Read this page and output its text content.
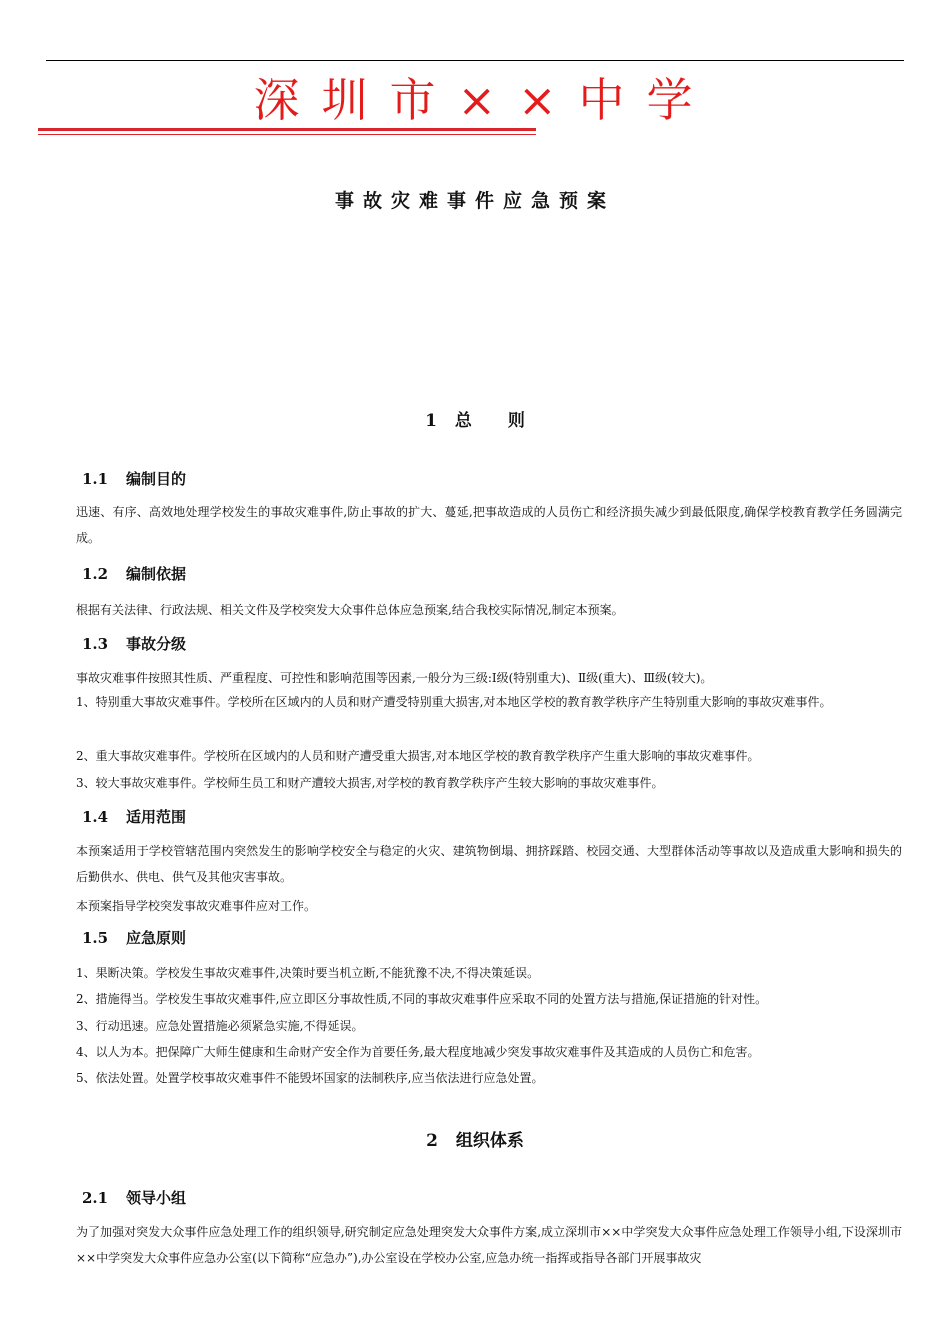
深圳市××中学
事故灾难事件应急预案
1 总则
1.1 编制目的
迅速、有序、高效地处理学校发生的事故灾难事件,防止事故的扩大、蔓延,把事故造成的人员伤亡和经济损失减少到最低限度,确保学校教育教学任务圆满完成。
1.2 编制依据
根据有关法律、行政法规、相关文件及学校突发大众事件总体应急预案,结合我校实际情况,制定本预案。
1.3 事故分级
事故灾难事件按照其性质、严重程度、可控性和影响范围等因素,一般分为三级:Ⅰ级(特别重大)、Ⅱ级(重大)、Ⅲ级(较大)。
1、特别重大事故灾难事件。学校所在区域内的人员和财产遭受特别重大损害,对本地区学校的教育教学秩序产生特别重大影响的事故灾难事件。
2、重大事故灾难事件。学校所在区域内的人员和财产遭受重大损害,对本地区学校的教育教学秩序产生重大影响的事故灾难事件。
3、较大事故灾难事件。学校师生员工和财产遭较大损害,对学校的教育教学秩序产生较大影响的事故灾难事件。
1.4 适用范围
本预案适用于学校管辖范围内突然发生的影响学校安全与稳定的火灾、建筑物倒塌、拥挤踩踏、校园交通、大型群体活动等事故以及造成重大影响和损失的后勤供水、供电、供气及其他灾害事故。
本预案指导学校突发事故灾难事件应对工作。
1.5 应急原则
1、果断决策。学校发生事故灾难事件,决策时要当机立断,不能犹豫不决,不得决策延误。
2、措施得当。学校发生事故灾难事件,应立即区分事故性质,不同的事故灾难事件应采取不同的处置方法与措施,保证措施的针对性。
3、行动迅速。应急处置措施必须紧急实施,不得延误。
4、以人为本。把保障广大师生健康和生命财产安全作为首要任务,最大程度地减少突发事故灾难事件及其造成的人员伤亡和危害。
5、依法处置。处置学校事故灾难事件不能毁坏国家的法制秩序,应当依法进行应急处置。
2 组织体系
2.1 领导小组
为了加强对突发大众事件应急处理工作的组织领导,研究制定应急处理突发大众事件方案,成立深圳市××中学突发大众事件应急处理工作领导小组,下设深圳市××中学突发大众事件应急办公室(以下简称“应急办”),办公室设在学校办公室,应急办统一指挥或指导各部门开展事故灾
